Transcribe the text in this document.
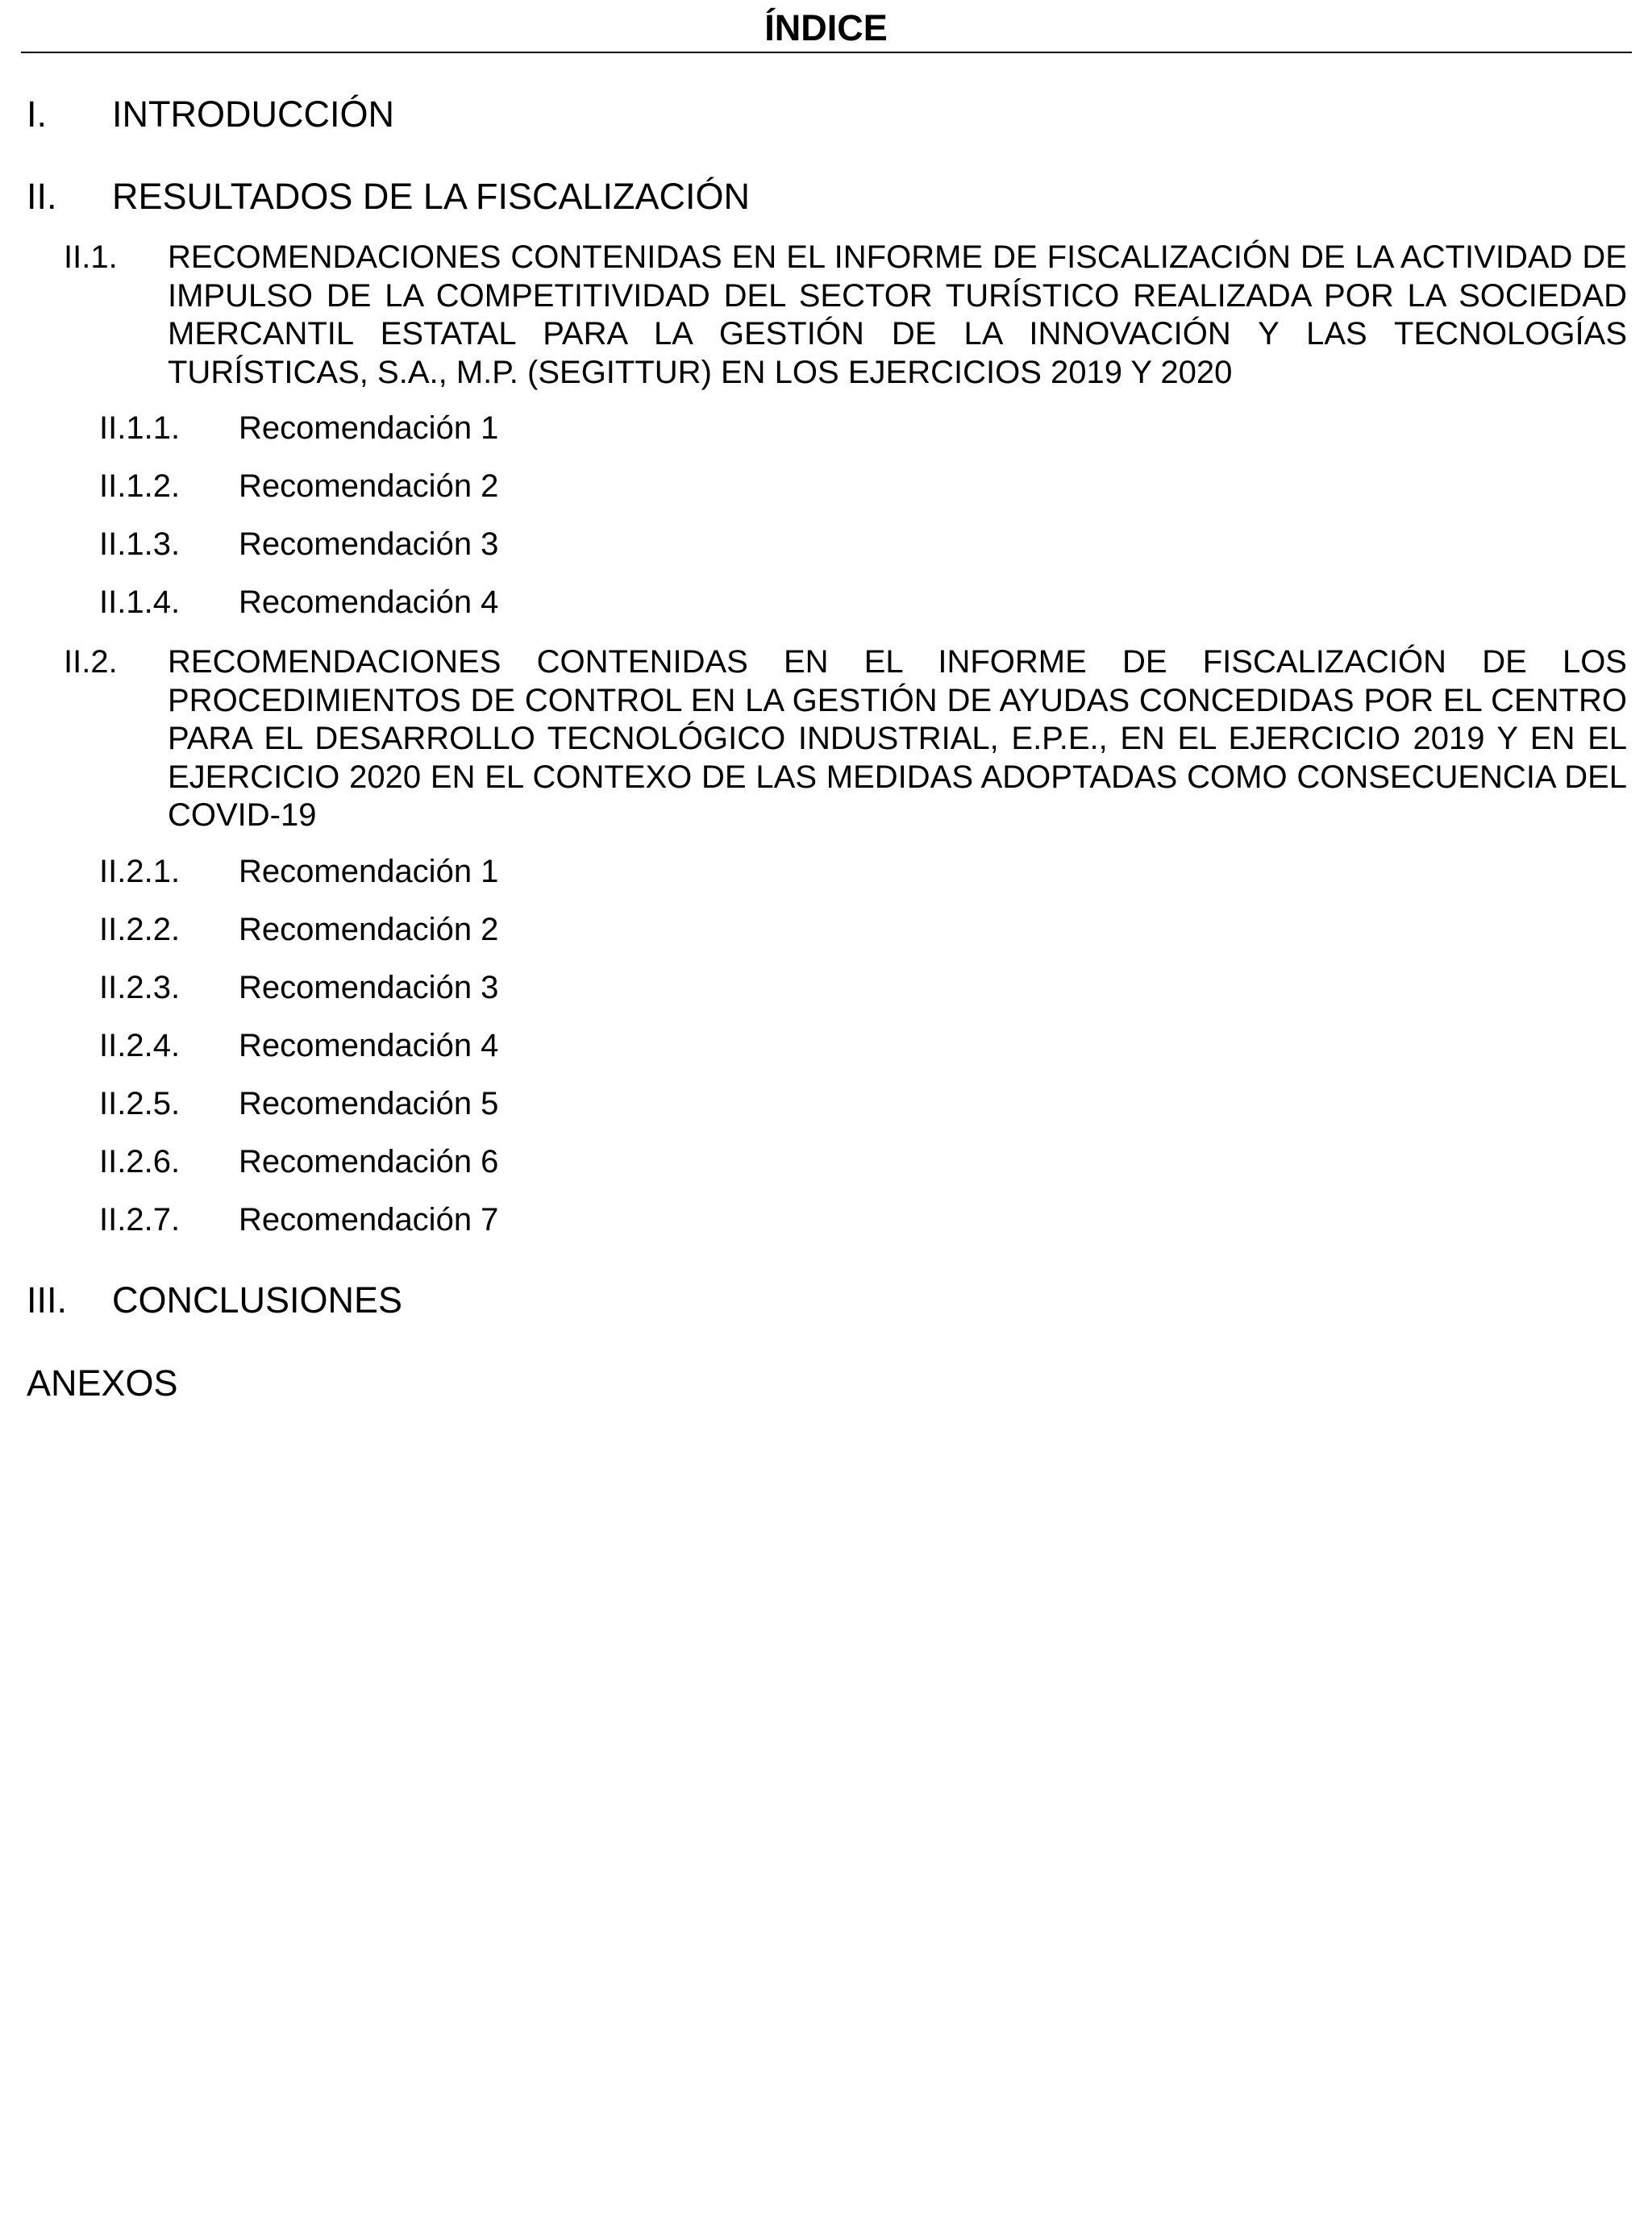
ÍNDICE
I. INTRODUCCIÓN
II. RESULTADOS DE LA FISCALIZACIÓN
II.1. RECOMENDACIONES CONTENIDAS EN EL INFORME DE FISCALIZACIÓN DE LA ACTIVIDAD DE IMPULSO DE LA COMPETITIVIDAD DEL SECTOR TURÍSTICO REALIZADA POR LA SOCIEDAD MERCANTIL ESTATAL PARA LA GESTIÓN DE LA INNOVACIÓN Y LAS TECNOLOGÍAS TURÍSTICAS, S.A., M.P. (SEGITTUR) EN LOS EJERCICIOS 2019 Y 2020
II.1.1. Recomendación 1
II.1.2. Recomendación 2
II.1.3. Recomendación 3
II.1.4. Recomendación 4
II.2. RECOMENDACIONES CONTENIDAS EN EL INFORME DE FISCALIZACIÓN DE LOS PROCEDIMIENTOS DE CONTROL EN LA GESTIÓN DE AYUDAS CONCEDIDAS POR EL CENTRO PARA EL DESARROLLO TECNOLÓGICO INDUSTRIAL, E.P.E., EN EL EJERCICIO 2019 Y EN EL EJERCICIO 2020 EN EL CONTEXO DE LAS MEDIDAS ADOPTADAS COMO CONSECUENCIA DEL COVID-19
II.2.1. Recomendación 1
II.2.2. Recomendación 2
II.2.3. Recomendación 3
II.2.4. Recomendación 4
II.2.5. Recomendación 5
II.2.6. Recomendación 6
II.2.7. Recomendación 7
III. CONCLUSIONES
ANEXOS
